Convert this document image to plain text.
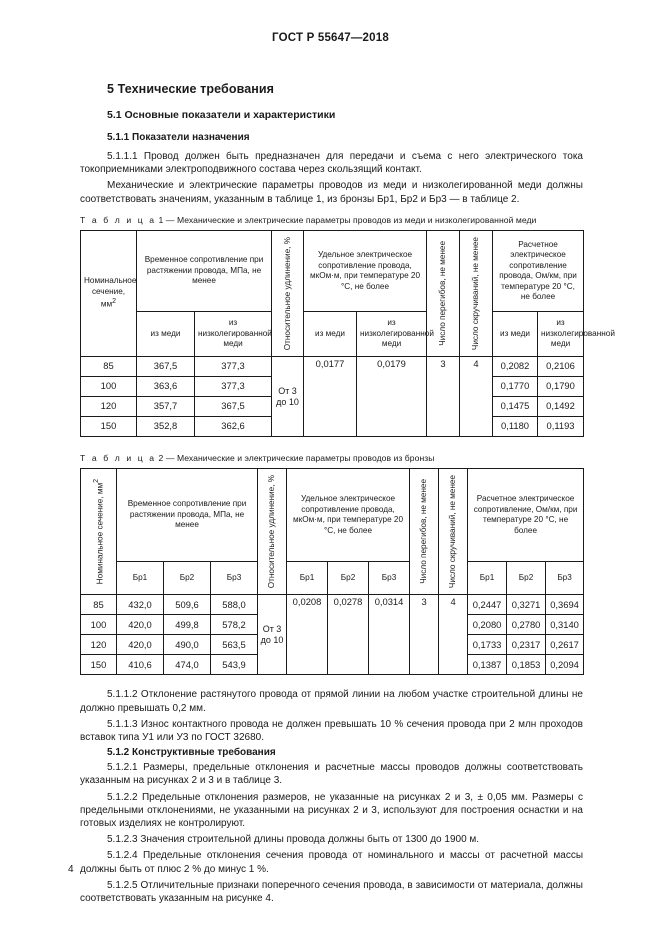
ГОСТ Р 55647—2018
5 Технические требования
5.1 Основные показатели и характеристики
5.1.1 Показатели назначения

5.1.1.1 Провод должен быть предназначен для передачи и съема с него электрического тока токоприемниками электроподвижного состава через скользящий контакт.

Механические и электрические параметры проводов из меди и низколегированной меди должны соответствовать значениям, указанным в таблице 1, из бронзы Бр1, Бр2 и Бр3 — в таблице 2.

Т а б л и ц а 1 — Механические и электрические параметры проводов из меди и низколегированной меди
Номинальное сечение, мм2	Временное сопротивление при растяжении провода, МПа, не менее		Относительное удлинение, %	Удельное электрическое сопротивление провода, мкОм·м, при температуре 20 °С, не более		Число перегибов, не менее	Число скручиваний, не менее	Расчетное электрическое сопротивление провода, Ом/км, при температуре 20 °С, не более	
	из меди	из низколегированной меди		из меди	из низколегированной меди			из меди	из низколегированной меди
85	367,5	377,3	От 3 до 10	0,0177	0,0179	3	4	0,2082	0,2106
100	363,6	377,3						0,1770	0,1790
120	357,7	367,5						0,1475	0,1492
150	352,8	362,6						0,1180	0,1193
Т а б л и ц а 2 — Механические и электрические параметры проводов из бронзы
Номинальное сечение, мм2	Временное сопротивление при растяжении провода, МПа, не менее			Относительное удлинение, %	Удельное электрическое сопротивление провода, мкОм·м, при температуре 20 °С, не более			Число перегибов, не менее	Число скручиваний, не менее	Расчетное электрическое сопротивление, Ом/км, при температуре 20 °С, не более		
	Бр1	Бр2	Бр3		Бр1	Бр2	Бр3			Бр1	Бр2	Бр3
85	432,0	509,6	588,0	От 3 до 10	0,0208	0,0278	0,0314	3	4	0,2447	0,3271	0,3694
100	420,0	499,8	578,2							0,2080	0,2780	0,3140
120	420,0	490,0	563,5							0,1733	0,2317	0,2617
150	410,6	474,0	543,9							0,1387	0,1853	0,2094

5.1.1.2 Отклонение растянутого провода от прямой линии на любом участке строительной длины не должно превышать 0,2 мм.

5.1.1.3 Износ контактного провода не должен превышать 10 % сечения провода при 2 млн проходов вставок типа У1 или У3 по ГОСТ 32680.

5.1.2 Конструктивные требования

5.1.2.1 Размеры, предельные отклонения и расчетные массы проводов должны соответствовать указанным на рисунках 2 и 3 и в таблице 3.

5.1.2.2 Предельные отклонения размеров, не указанные на рисунках 2 и 3, ± 0,05 мм. Размеры с предельными отклонениями, не указанными на рисунках 2 и 3, используют для построения оснастки и на готовых изделиях не контролируют.

5.1.2.3 Значения строительной длины провода должны быть от 1300 до 1900 м.

5.1.2.4 Предельные отклонения сечения провода от номинального и массы от расчетной массы должны быть от плюс 2 % до минус 1 %.

5.1.2.5 Отличительные признаки поперечного сечения провода, в зависимости от материала, должны соответствовать указанным на рисунке 4.

4
